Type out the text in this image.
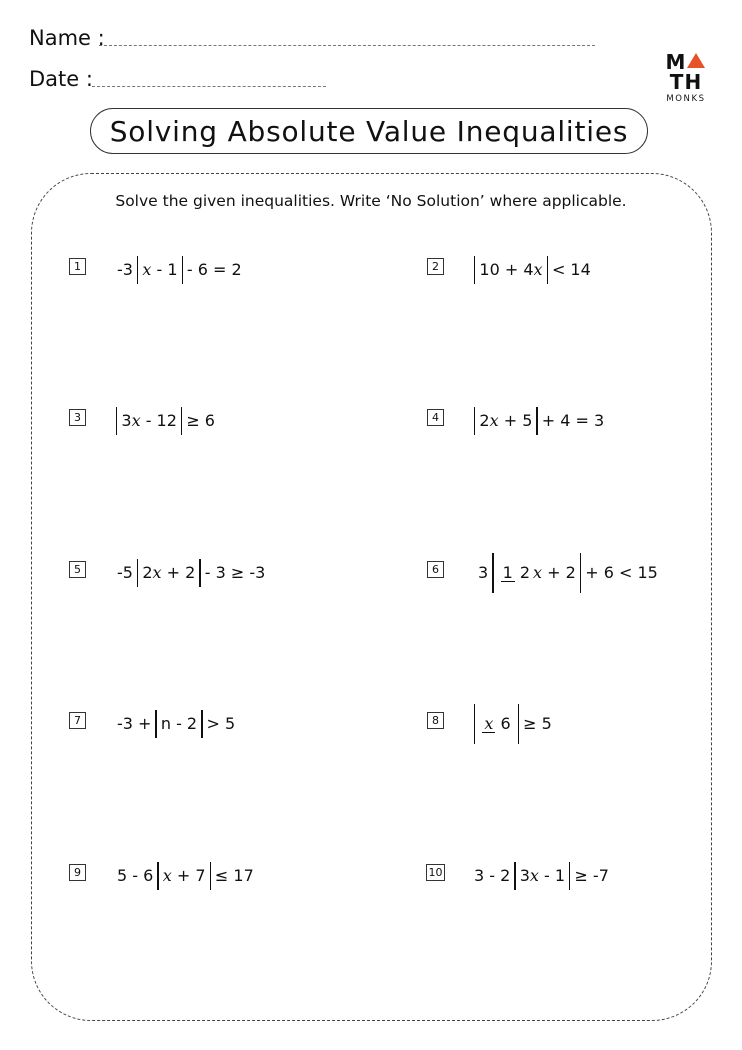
Name :
Date :
MTH
MONKS
Solving Absolute Value Inequalities
Solve the given inequalities. Write ‘No Solution’ where applicable.
1	-3 x - 1 - 6 = 2	2	10 + 4 x < 14
3	3 x - 12 ≥ 6	4	2 x + 5 + 4 = 3
5	-5 2 x + 2 - 3 ≥ -3	6	3 1 2 x + 2 + 6 < 15
7	-3 + n - 2 > 5	8	x 6 ≥ 5
9	5 - 6 x + 7 ≤ 17	10 3 - 2 3 x - 1 ≥ -7
